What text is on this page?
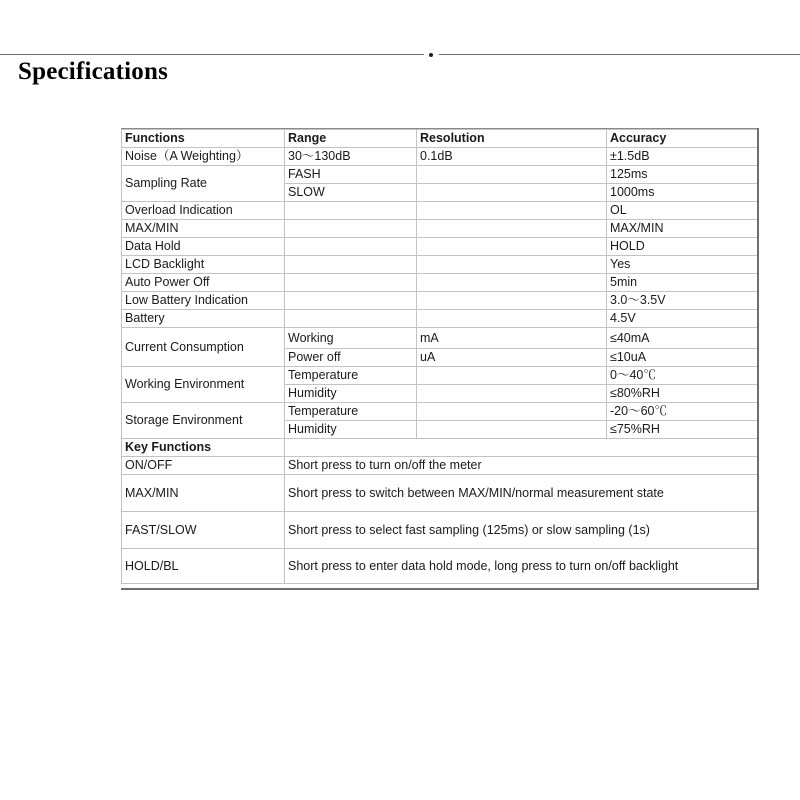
Specifications
Functions	Range	Resolution	Accuracy
Noise（A Weighting）	30～130dB	0.1dB	±1.5dB
Sampling Rate	FASH		125ms
	SLOW		1000ms
Overload Indication			OL
MAX/MIN			MAX/MIN
Data Hold			HOLD
LCD Backlight			Yes
Auto Power Off			5min
Low Battery Indication			3.0～3.5V
Battery			4.5V
Current Consumption	Working	mA	≤40mA
	Power off	uA	≤10uA
Working Environment	Temperature		0～40℃
	Humidity		≤80%RH
Storage Environment	Temperature		-20～60℃
	Humidity		≤75%RH
Key Functions			
ON/OFF	Short press to turn on/off the meter		
MAX/MIN	Short press to switch between MAX/MIN/normal measurement state		
FAST/SLOW	Short press to select fast sampling (125ms) or slow sampling (1s)		
HOLD/BL	Short press to enter data hold mode, long press to turn on/off backlight		
